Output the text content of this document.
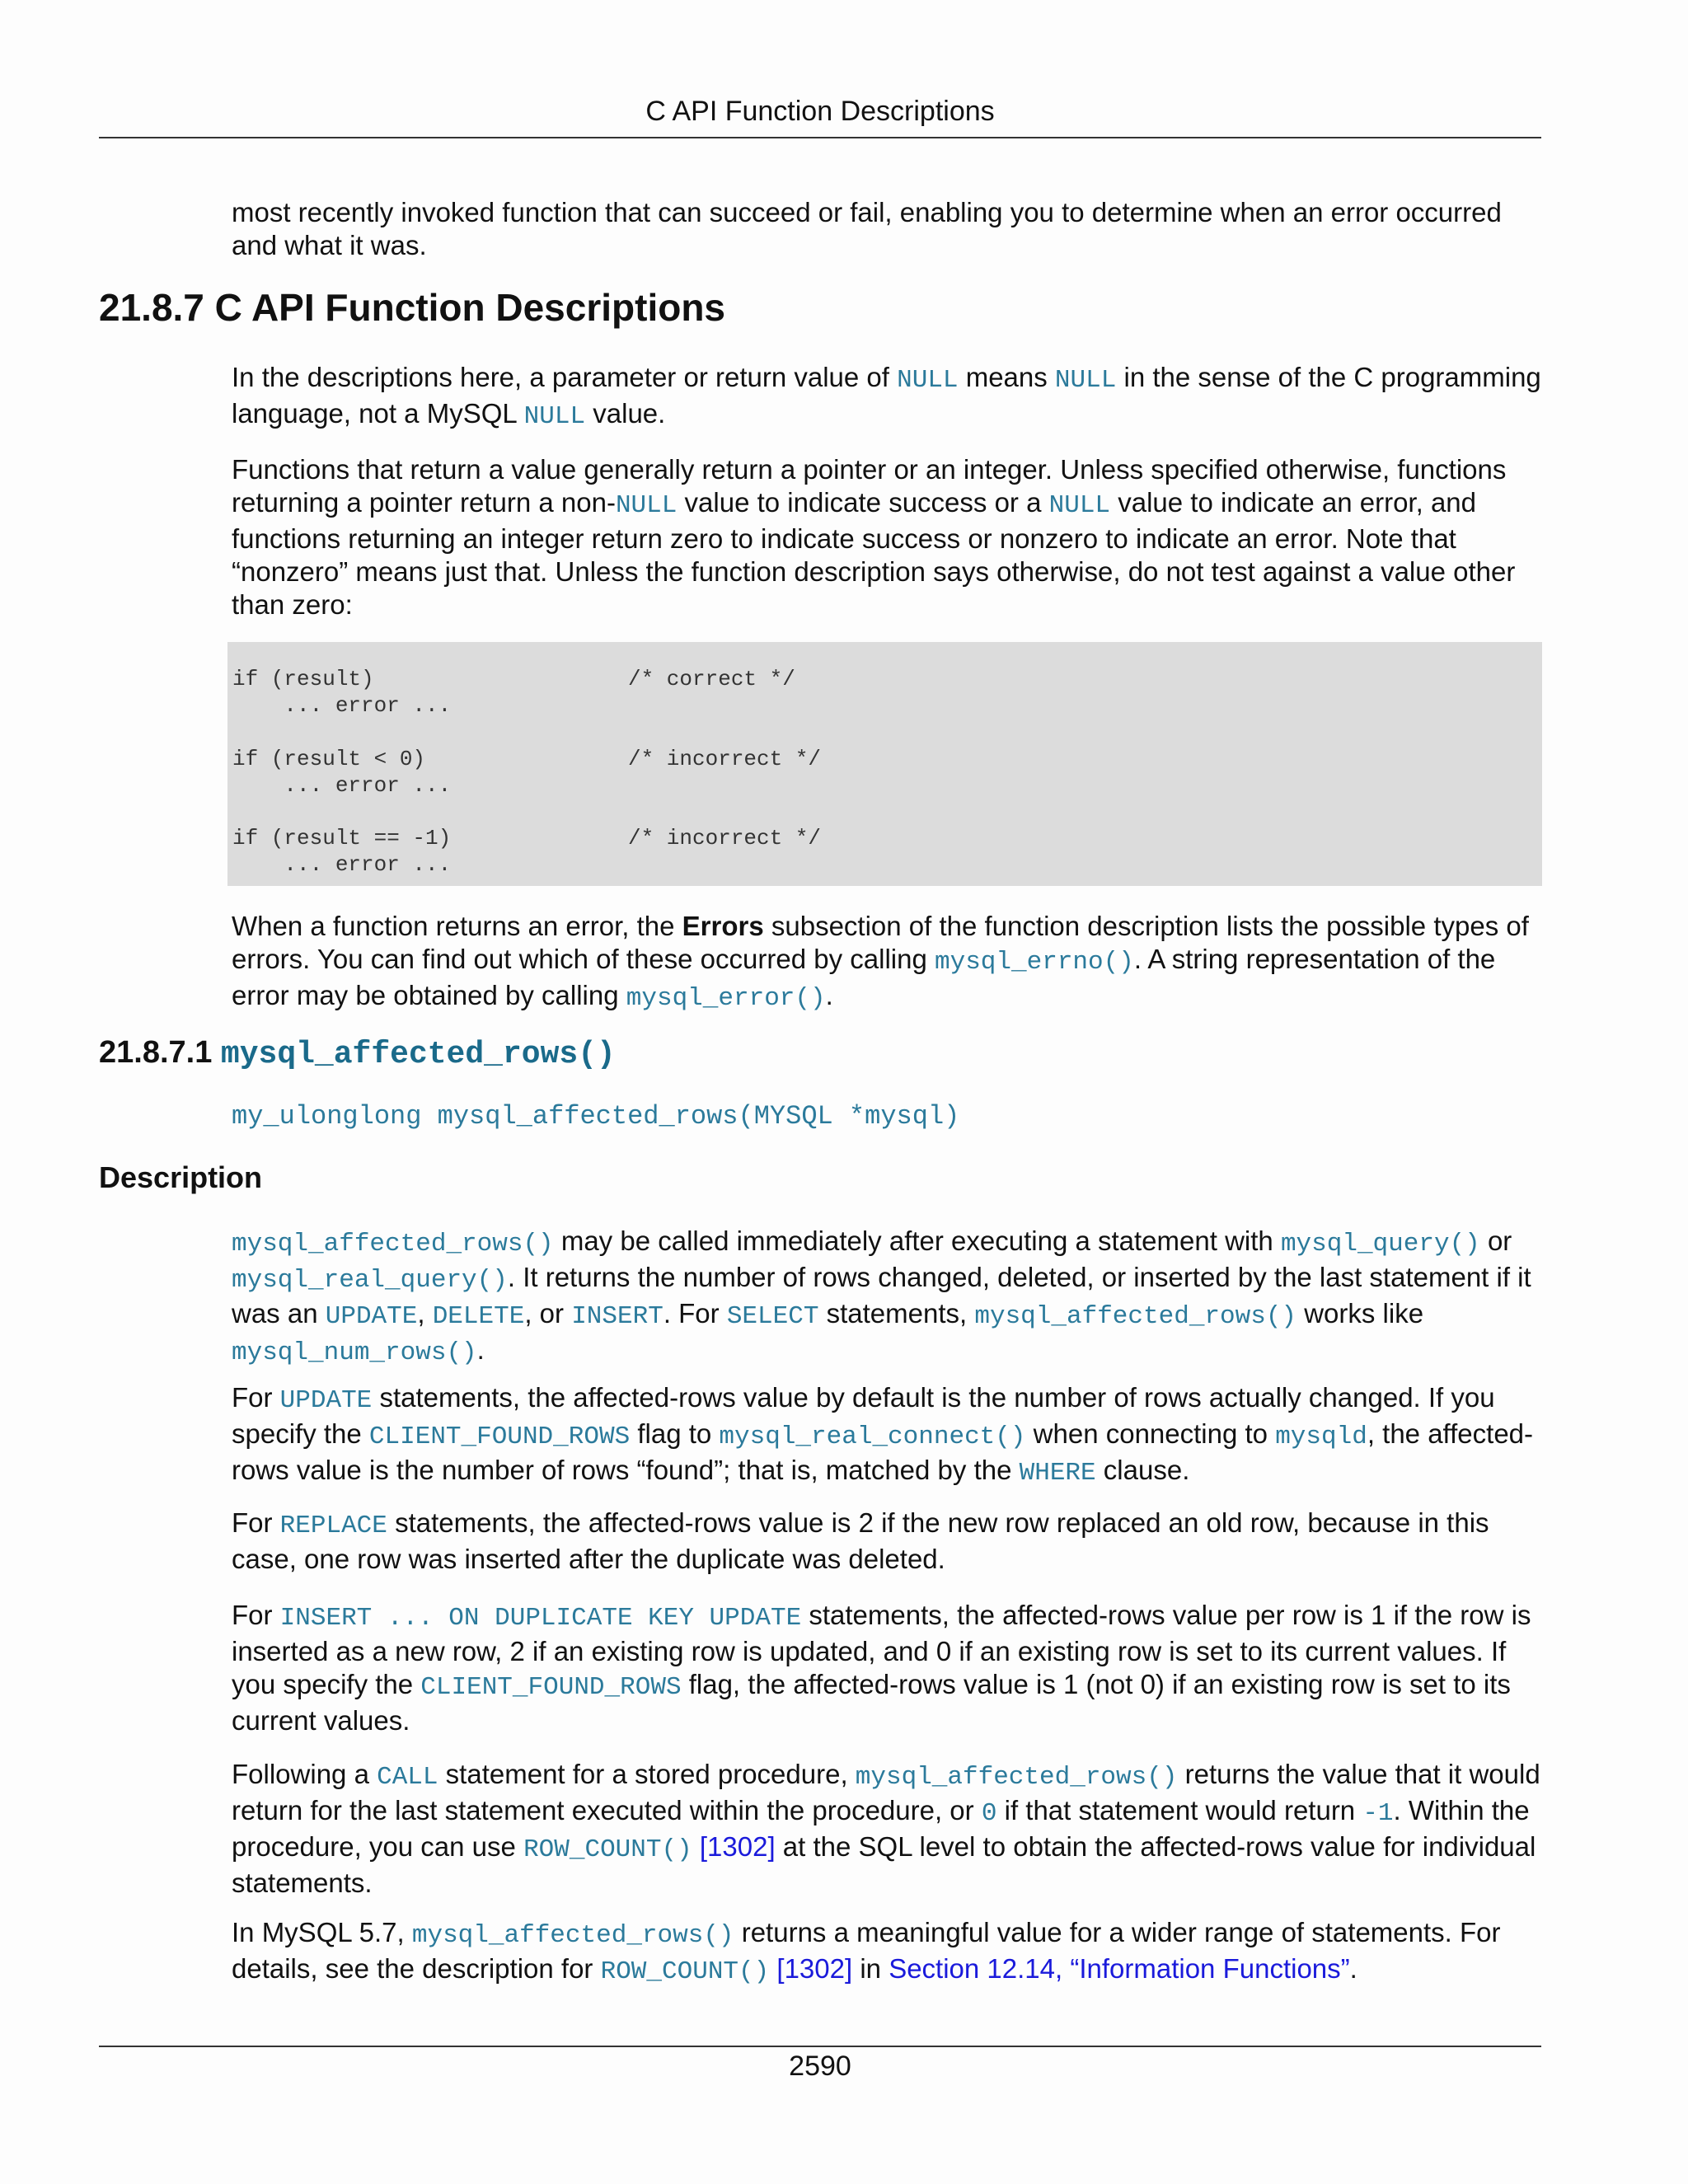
C API Function Descriptions

most recently invoked function that can succeed or fail, enabling you to determine when an error occurred and what it was.

21.8.7 C API Function Descriptions

In the descriptions here, a parameter or return value of NULL means NULL in the sense of the C programming language, not a MySQL NULL value.

Functions that return a value generally return a pointer or an integer. Unless specified otherwise, functions returning a pointer return a non-NULL value to indicate success or a NULL value to indicate an error, and functions returning an integer return zero to indicate success or nonzero to indicate an error. Note that “nonzero” means just that. Unless the function description says otherwise, do not test against a value other than zero:

if (result)	/* correct */
... error ...
if (result < 0)	/* incorrect */
... error ...
if (result == -1)	/* incorrect */
... error ...

When a function returns an error, the Errors subsection of the function description lists the possible types of errors. You can find out which of these occurred by calling mysql_errno(). A string representation of the error may be obtained by calling mysql_error().

21.8.7.1 mysql_affected_rows()
my_ulonglong mysql_affected_rows(MYSQL *mysql)
Description

mysql_affected_rows() may be called immediately after executing a statement with mysql_query() or mysql_real_query(). It returns the number of rows changed, deleted, or inserted by the last statement if it was an UPDATE, DELETE, or INSERT. For SELECT statements, mysql_affected_rows() works like mysql_num_rows().

For UPDATE statements, the affected-rows value by default is the number of rows actually changed. If you specify the CLIENT_FOUND_ROWS flag to mysql_real_connect() when connecting to mysqld, the affected-rows value is the number of rows “found”; that is, matched by the WHERE clause.

For REPLACE statements, the affected-rows value is 2 if the new row replaced an old row, because in this case, one row was inserted after the duplicate was deleted.

For INSERT ... ON DUPLICATE KEY UPDATE statements, the affected-rows value per row is 1 if the row is inserted as a new row, 2 if an existing row is updated, and 0 if an existing row is set to its current values. If you specify the CLIENT_FOUND_ROWS flag, the affected-rows value is 1 (not 0) if an existing row is set to its current values.

Following a CALL statement for a stored procedure, mysql_affected_rows() returns the value that it would return for the last statement executed within the procedure, or 0 if that statement would return -1. Within the procedure, you can use ROW_COUNT() [1302] at the SQL level to obtain the affected-rows value for individual statements.

In MySQL 5.7, mysql_affected_rows() returns a meaningful value for a wider range of statements. For details, see the description for ROW_COUNT() [1302] in Section 12.14, “Information Functions”.

2590
